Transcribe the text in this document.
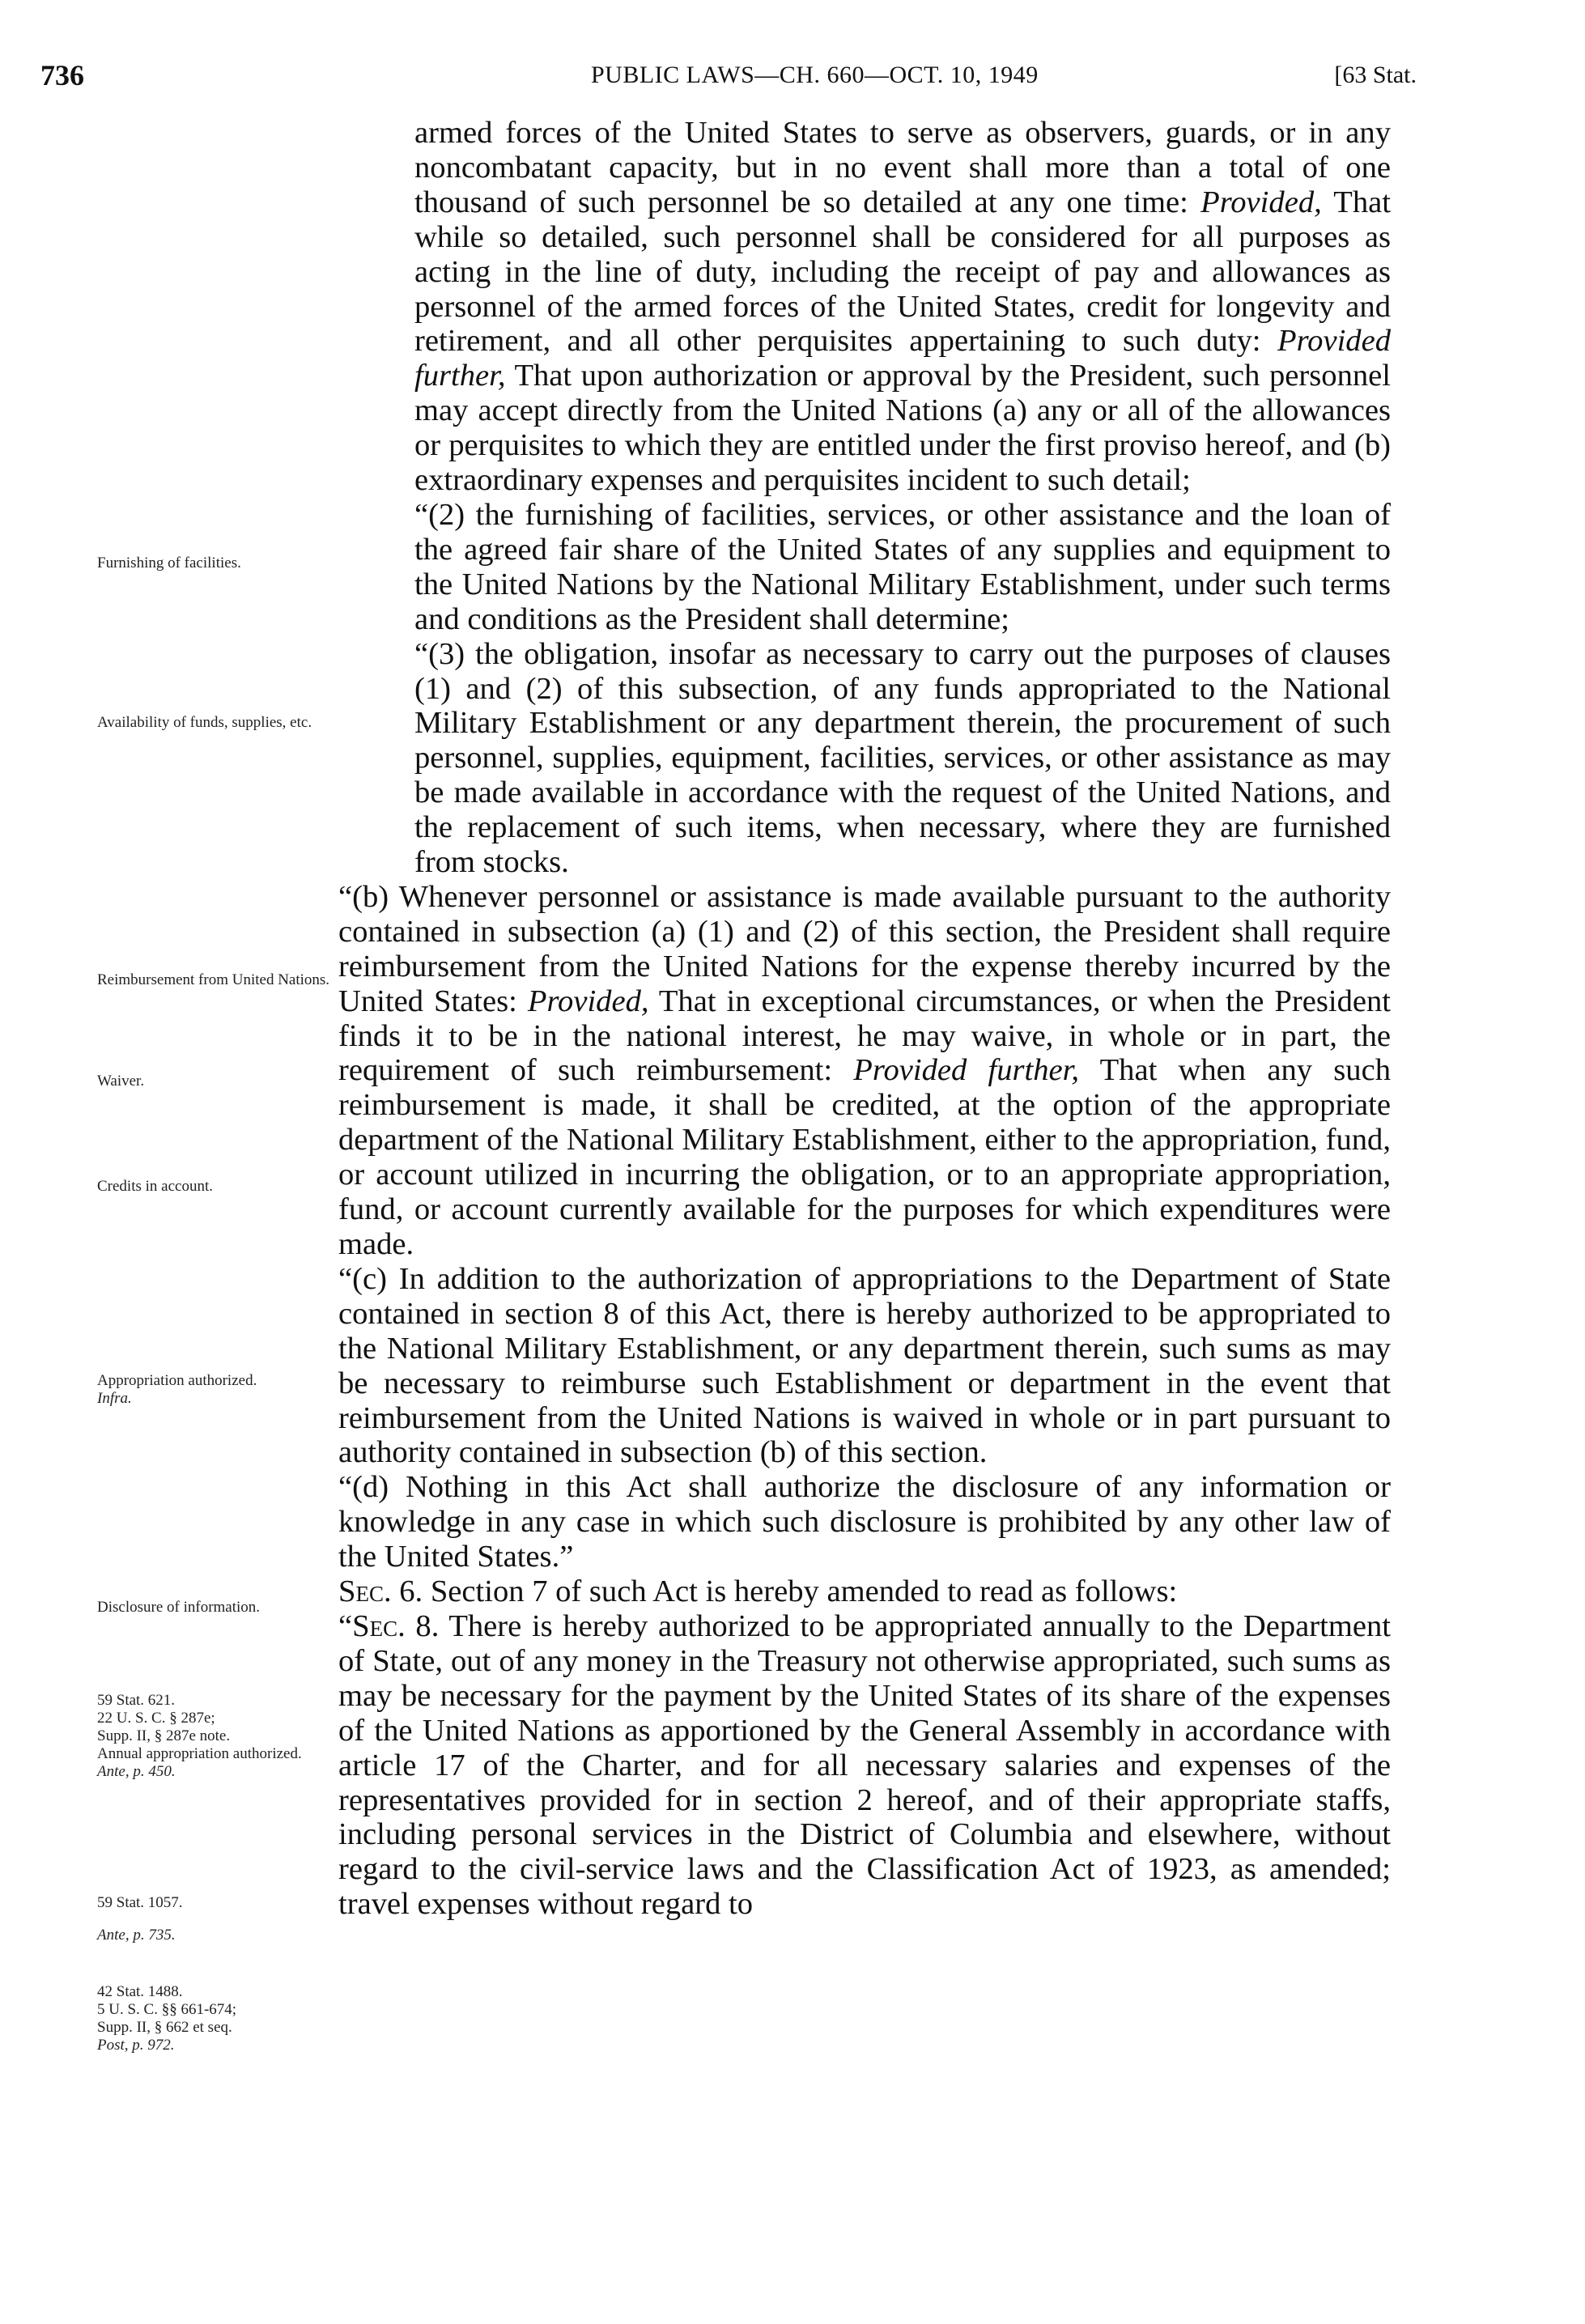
736	PUBLIC LAWS—CH. 660—OCT. 10, 1949	[63 Stat.
Furnishing of facilities.
Availability of funds, supplies, etc.
Reimbursement from United Nations.
Waiver.
Credits in account.
Appropriation authorized.
Infra.
Disclosure of information.
59 Stat. 621.
22 U. S. C. § 287e;
Supp. II, § 287e note.
Annual appropriation authorized.
Ante, p. 450.
59 Stat. 1057.
Ante, p. 735.
42 Stat. 1488.
5 U. S. C. §§ 661-674;
Supp. II, § 662 et seq.
Post, p. 972.

armed forces of the United States to serve as observers, guards, or in any noncombatant capacity, but in no event shall more than a total of one thousand of such personnel be so detailed at any one time: Provided, That while so detailed, such personnel shall be considered for all purposes as acting in the line of duty, including the receipt of pay and allowances as personnel of the armed forces of the United States, credit for longevity and retirement, and all other perquisites appertaining to such duty: Provided further, That upon authorization or approval by the President, such personnel may accept directly from the United Nations (a) any or all of the allowances or perquisites to which they are entitled under the first proviso hereof, and (b) extraordinary expenses and perquisites incident to such detail;

“(2) the furnishing of facilities, services, or other assistance and the loan of the agreed fair share of the United States of any supplies and equipment to the United Nations by the National Military Establishment, under such terms and conditions as the President shall determine;

“(3) the obligation, insofar as necessary to carry out the purposes of clauses (1) and (2) of this subsection, of any funds appropriated to the National Military Establishment or any department therein, the procurement of such personnel, supplies, equipment, facilities, services, or other assistance as may be made available in accordance with the request of the United Nations, and the replacement of such items, when necessary, where they are furnished from stocks.

“(b) Whenever personnel or assistance is made available pursuant to the authority contained in subsection (a) (1) and (2) of this section, the President shall require reimbursement from the United Nations for the expense thereby incurred by the United States: Provided, That in exceptional circumstances, or when the President finds it to be in the national interest, he may waive, in whole or in part, the requirement of such reimbursement: Provided further, That when any such reimbursement is made, it shall be credited, at the option of the appropriate department of the National Military Establishment, either to the appropriation, fund, or account utilized in incurring the obligation, or to an appropriate appropriation, fund, or account currently available for the purposes for which expenditures were made.

“(c) In addition to the authorization of appropriations to the Department of State contained in section 8 of this Act, there is hereby authorized to be appropriated to the National Military Establishment, or any department therein, such sums as may be necessary to reimburse such Establishment or department in the event that reimbursement from the United Nations is waived in whole or in part pursuant to authority contained in subsection (b) of this section.

“(d) Nothing in this Act shall authorize the disclosure of any information or knowledge in any case in which such disclosure is prohibited by any other law of the United States.”

Sec. 6. Section 7 of such Act is hereby amended to read as follows:

“Sec. 8. There is hereby authorized to be appropriated annually to the Department of State, out of any money in the Treasury not otherwise appropriated, such sums as may be necessary for the payment by the United States of its share of the expenses of the United Nations as apportioned by the General Assembly in accordance with article 17 of the Charter, and for all necessary salaries and expenses of the representatives provided for in section 2 hereof, and of their appropriate staffs, including personal services in the District of Columbia and elsewhere, without regard to the civil-service laws and the Classification Act of 1923, as amended; travel expenses without regard to
